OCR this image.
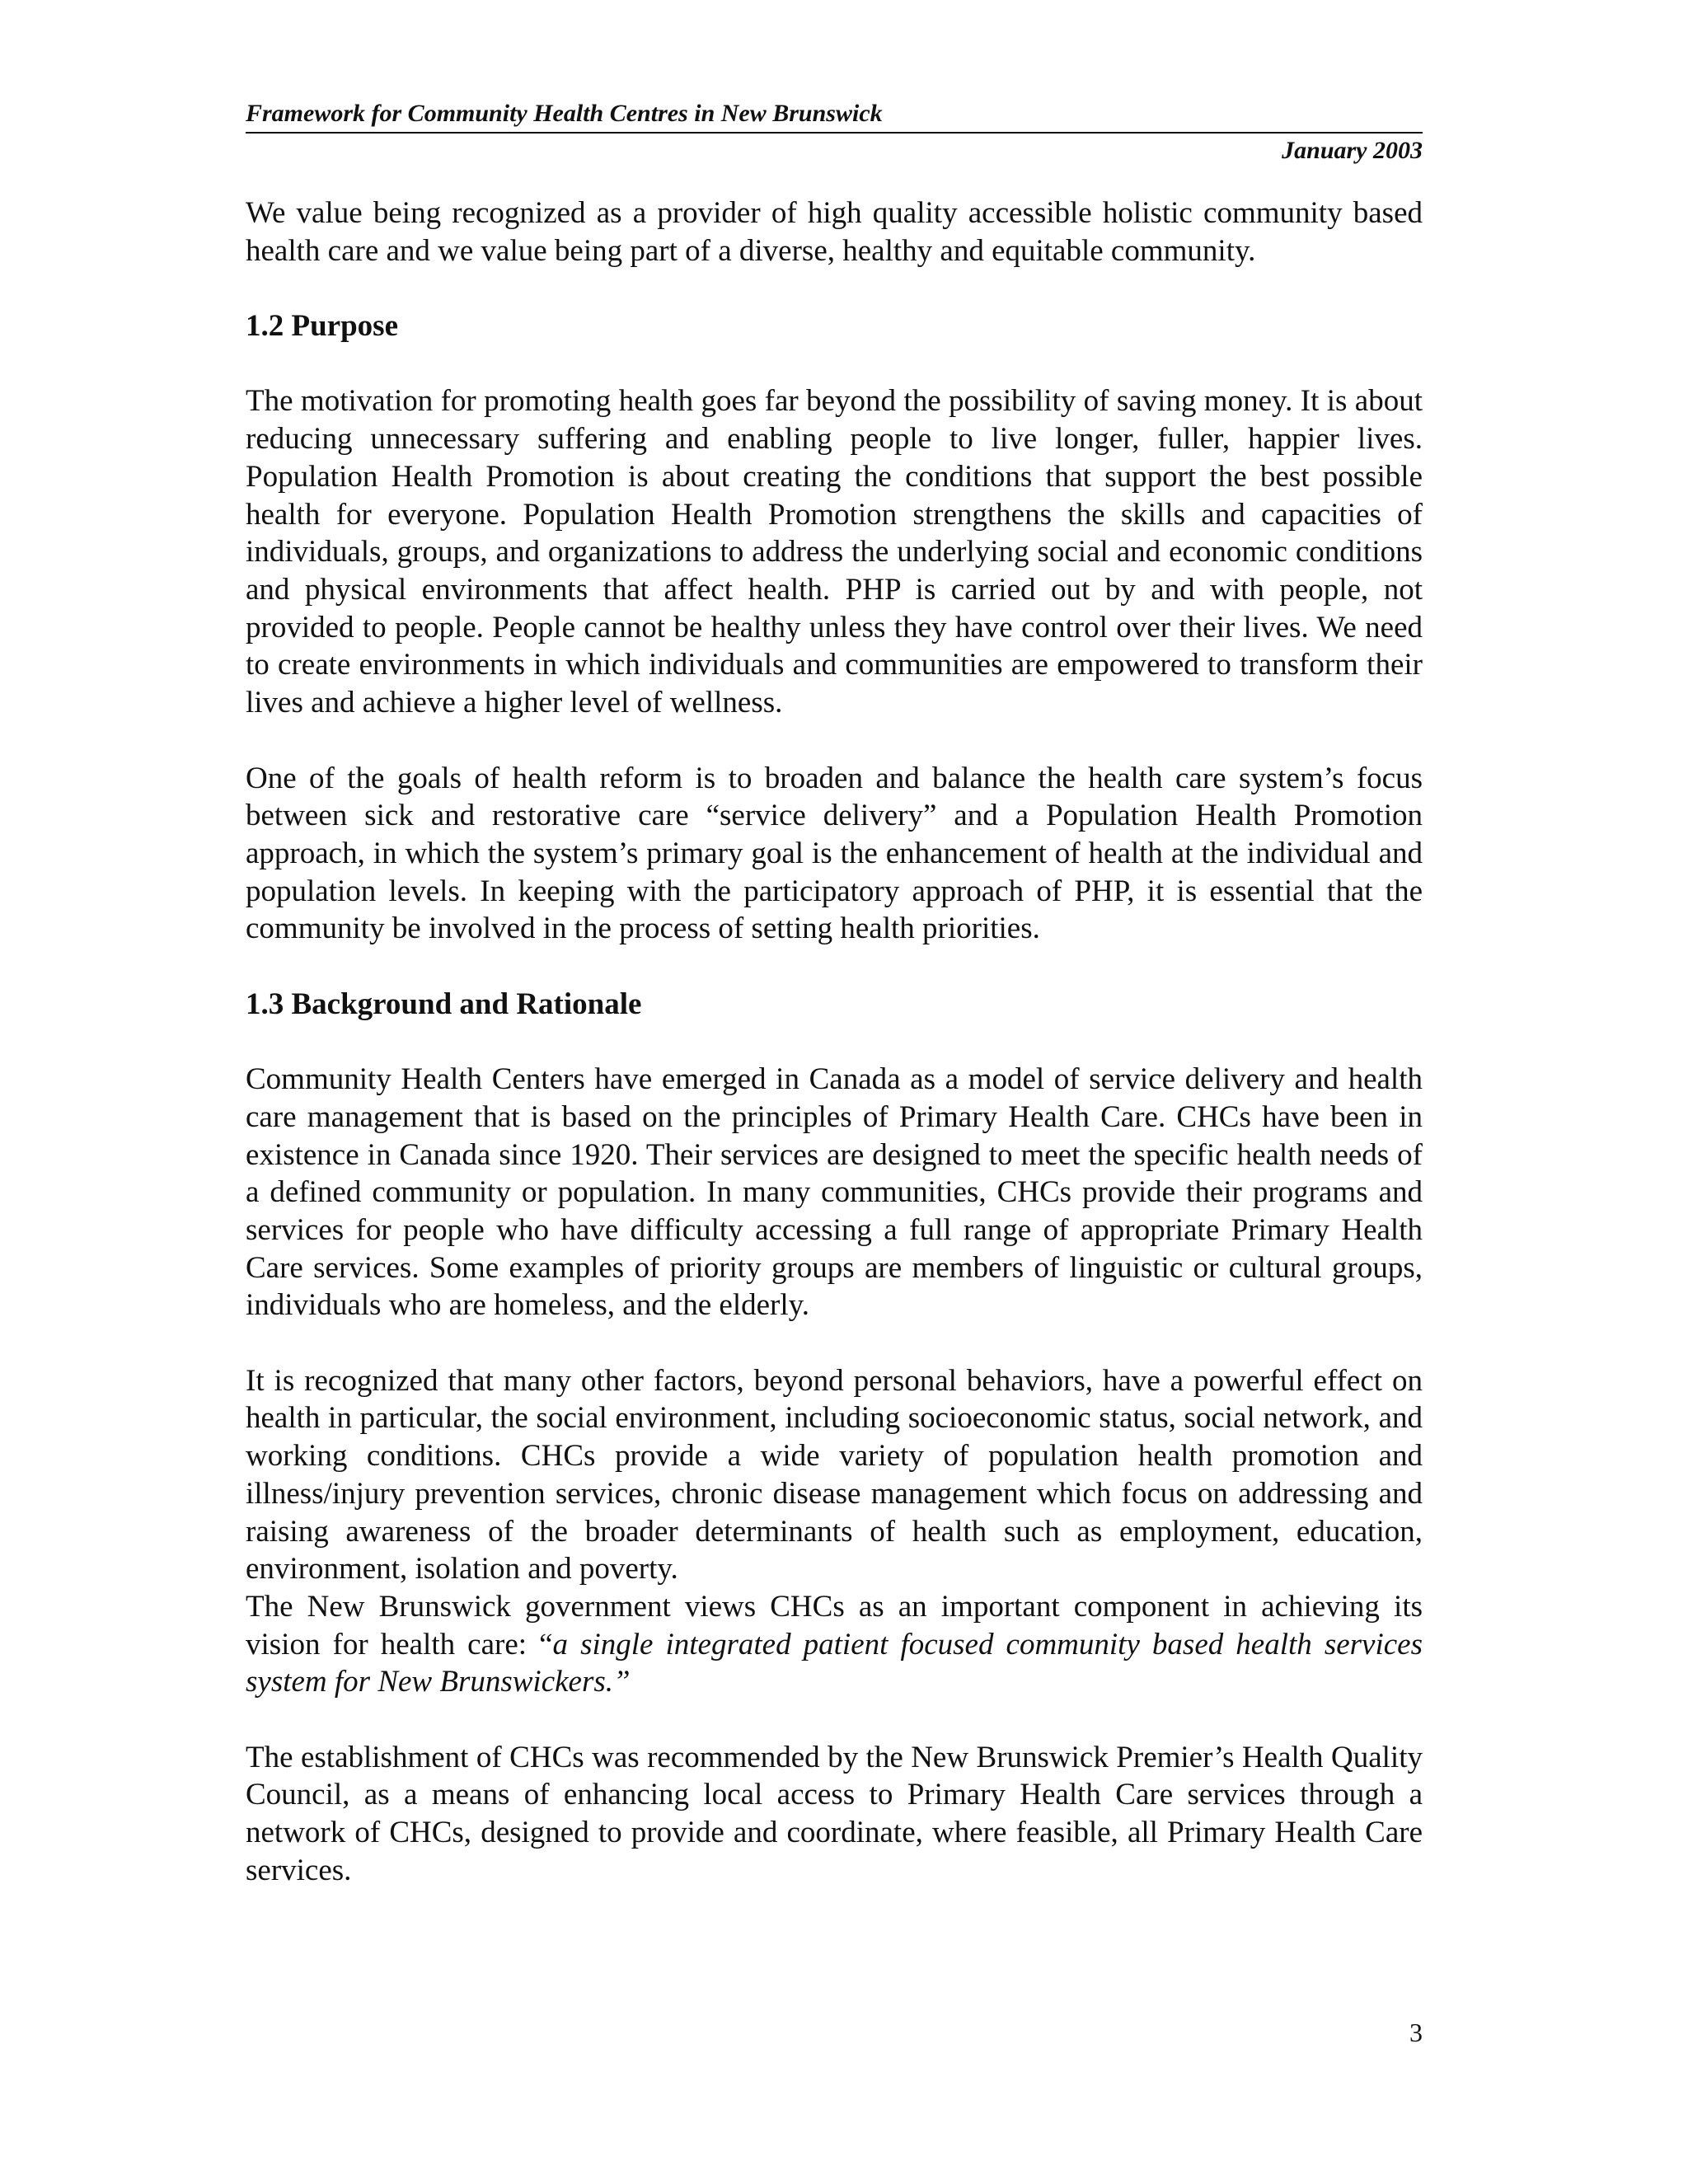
Framework for Community Health Centres in New Brunswick
January 2003

We value being recognized as a provider of high quality accessible holistic community based health care and we value being part of a diverse, healthy and equitable community.

1.2 Purpose

The motivation for promoting health goes far beyond the possibility of saving money. It is about reducing unnecessary suffering and enabling people to live longer, fuller, happier lives. Population Health Promotion is about creating the conditions that support the best possible health for everyone. Population Health Promotion strengthens the skills and capacities of individuals, groups, and organizations to address the underlying social and economic conditions and physical environments that affect health. PHP is carried out by and with people, not provided to people. People cannot be healthy unless they have control over their lives. We need to create environments in which individuals and communities are empowered to transform their lives and achieve a higher level of wellness.

One of the goals of health reform is to broaden and balance the health care system’s focus between sick and restorative care “service delivery” and a Population Health Promotion approach, in which the system’s primary goal is the enhancement of health at the individual and population levels. In keeping with the participatory approach of PHP, it is essential that the community be involved in the process of setting health priorities.

1.3 Background and Rationale

Community Health Centers have emerged in Canada as a model of service delivery and health care management that is based on the principles of Primary Health Care. CHCs have been in existence in Canada since 1920. Their services are designed to meet the specific health needs of a defined community or population. In many communities, CHCs provide their programs and services for people who have difficulty accessing a full range of appropriate Primary Health Care services. Some examples of priority groups are members of linguistic or cultural groups, individuals who are homeless, and the elderly.

It is recognized that many other factors, beyond personal behaviors, have a powerful effect on health in particular, the social environment, including socioeconomic status, social network, and working conditions. CHCs provide a wide variety of population health promotion and illness/injury prevention services, chronic disease management which focus on addressing and raising awareness of the broader determinants of health such as employment, education, environment, isolation and poverty.

The New Brunswick government views CHCs as an important component in achieving its vision for health care: “a single integrated patient focused community based health services system for New Brunswickers.”

The establishment of CHCs was recommended by the New Brunswick Premier’s Health Quality Council, as a means of enhancing local access to Primary Health Care services through a network of CHCs, designed to provide and coordinate, where feasible, all Primary Health Care services.

3
